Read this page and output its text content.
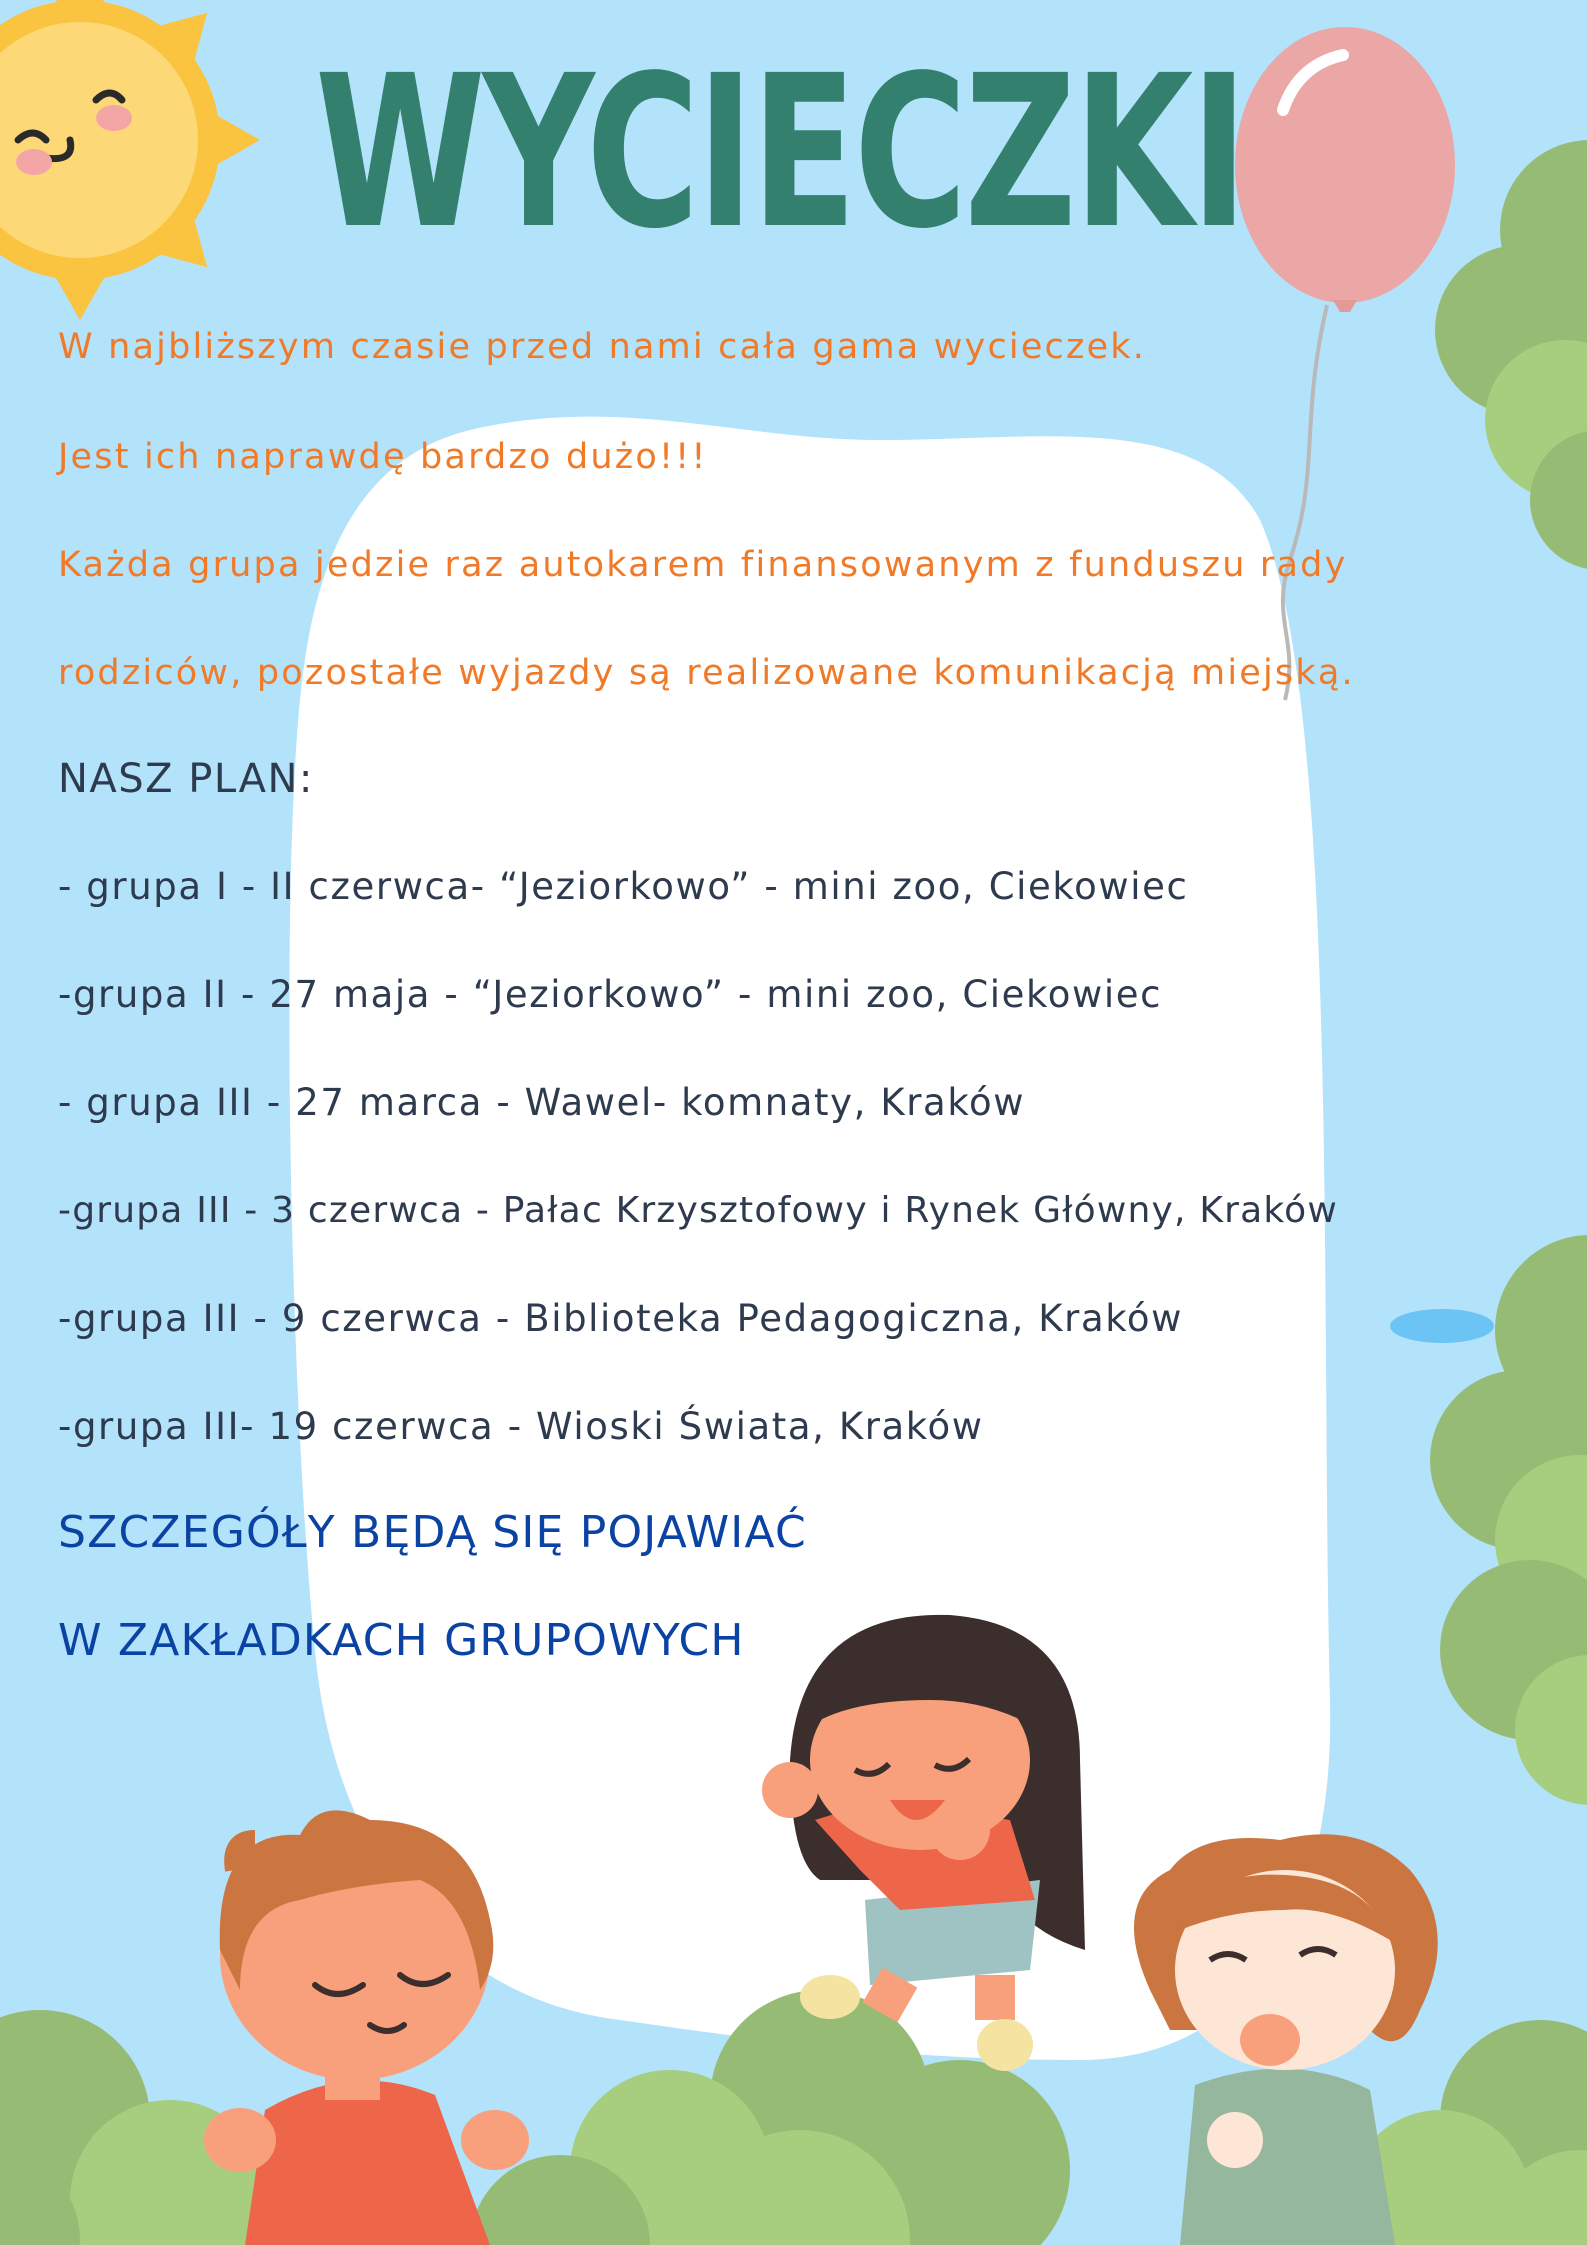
WYCIECZKI

W najbliższym czasie przed nami cała gama wycieczek.

Jest ich naprawdę bardzo dużo!!!

Każda grupa jedzie raz autokarem finansowanym z funduszu rady

rodziców, pozostałe wyjazdy są realizowane komunikacją miejską.

NASZ PLAN:

- grupa I - II czerwca- “Jeziorkowo” - mini zoo, Ciekowiec

-grupa II - 27 maja - “Jeziorkowo” - mini zoo, Ciekowiec

- grupa III - 27 marca - Wawel- komnaty, Kraków

-grupa III - 3 czerwca - Pałac Krzysztofowy i Rynek Główny, Kraków

-grupa III - 9 czerwca - Biblioteka Pedagogiczna, Kraków

-grupa III- 19 czerwca - Wioski Świata, Kraków

SZCZEGÓŁY BĘDĄ SIĘ POJAWIAĆ

W ZAKŁADKACH GRUPOWYCH
